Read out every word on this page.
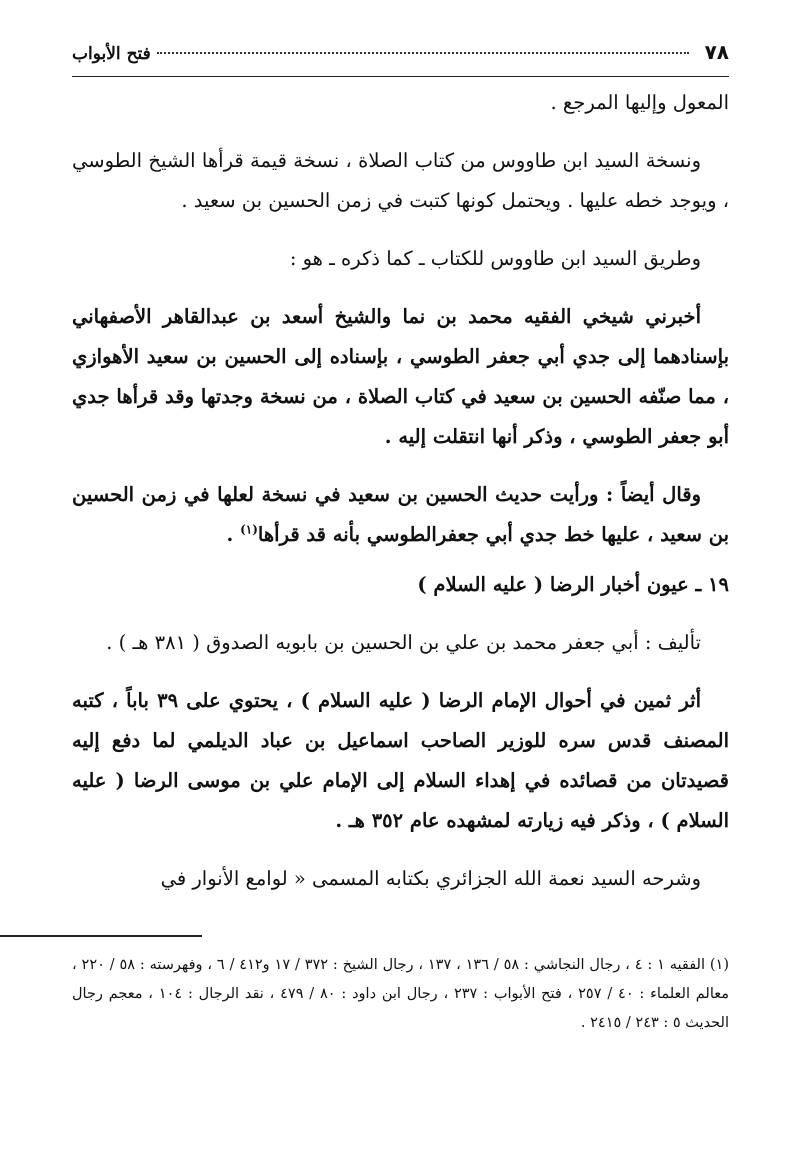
٧٨
فتح الأبواب

المعول وإليها المرجع .

ونسخة السيد ابن طاووس من كتاب الصلاة ، نسخة قيمة قرأها الشيخ الطوسي ، ويوجد خطه عليها . ويحتمل كونها كتبت في زمن الحسين بن سعيد .

وطريق السيد ابن طاووس للكتاب ـ كما ذكره ـ هو :

أخبرني شيخي الفقيه محمد بن نما والشيخ أسعد بن عبدالقاهر الأصفهاني بإسنادهما إلى جدي أبي جعفر الطوسي ، بإسناده إلى الحسين بن سعيد الأهوازي ، مما صنّفه الحسين بن سعيد في كتاب الصلاة ، من نسخة وجدتها وقد قرأها جدي أبو جعفر الطوسي ، وذكر أنها انتقلت إليه .

وقال أيضاً : ورأيت حديث الحسين بن سعيد في نسخة لعلها في زمن الحسين بن سعيد ، عليها خط جدي أبي جعفرالطوسي بأنه قد قرأها$^{(١)}$ .

١٩ ـ عيون أخبار الرضا ( عليه السلام )

تأليف : أبي جعفر محمد بن علي بن الحسين بن بابويه الصدوق ( ٣٨١ هـ ) .

أثر ثمين في أحوال الإمام الرضا ( عليه السلام ) ، يحتوي على ٣٩ باباً ، كتبه المصنف قدس سره للوزير الصاحب اسماعيل بن عباد الديلمي لما دفع إليه قصيدتان من قصائده في إهداء السلام إلى الإمام علي بن موسى الرضا ( عليه السلام ) ، وذكر فيه زيارته لمشهده عام ٣٥٢ هـ .

وشرحه السيد نعمة الله الجزائري بكتابه المسمى « لوامع الأنوار في

(١) الفقيه ١ : ٤ ، رجال النجاشي : ٥٨ / ١٣٦ ، ١٣٧ ، رجال الشيخ : ٣٧٢ / ١٧ و٤١٢ / ٦ ، وفهرسته : ٥٨ / ٢٢٠ ، معالم العلماء : ٤٠ / ٢٥٧ ، فتح الأبواب : ٢٣٧ ، رجال ابن داود : ٨٠ / ٤٧٩ ، نقد الرجال : ١٠٤ ، معجم رجال الحديث ٥ : ٢٤٣ / ٢٤١٥ .
